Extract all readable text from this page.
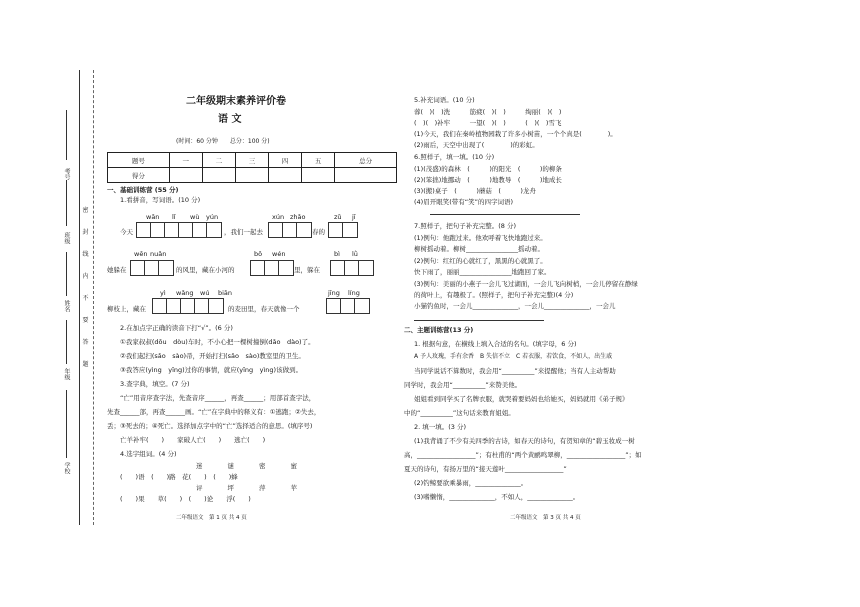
考号
班级
姓名
年级
学校
密封线内不要答题
二年级期末素养评价卷
语 文
(时间：60 分钟　　总分：100 分)
题号	一	二	三	四	五	总分
得分						
一、基础训练营 (55 分)
1.看拼音，写词语。(10 分)
wān lǐ wù yún	xún zhǎo	zǔ jī
今天	，我们一起去	春的
wēn nuǎn	bō wén	bì lǜ
她躲在	的风里，藏在小河的	里，躲在
yì wǎng wú biān	jīng líng
柳枝上，藏在	的麦田里，春天就像一个
2.在加点字正确的读音下打“√”。(6 分)
①我家叔叔(dōu　dòu)车时，不小心把一棵树撞倒(dǎo　dào)了。
②我们起扫(sǎo　sào)帚，开始打扫(sǎo　sào)教室里的卫生。
③我答应(yìng　yīng)过你的事情，就应(yīng　yìng)该做到。
3.查字典，填空。(7 分)
“亡”用音序查字法，先查音序______，再查______；用部首查字法，
先查______部，再查______画。“亡”在字典中的释义有：①逃跑；②失去，
丢；③死去的；④死亡。选择加点字中的“亡”选择适合的意思。(填序号)
亡羊补牢(　　)　　家破人亡(　　)　　逃亡(　　)
4.选字组词。(4 分)
迷　　谜　　密　　蜜
(　　)语　(　　)路　花(　　)　(　　)蜂
评　　坪　　萍　　苹
(　　)果　　草(　　)　(　　)论　　浮(　　)
二年级语文　第 1 页 共 4 页
5.补充词语。(10 分)
蓉(　)(　)洗　　　筋疲(　)(　)　　　绚丽(　)(　)
(　)(　)补牢　　　一望(　)(　)　　　(　)(　)雪飞
(1)今天，我们在秦岭植物园栽了许多小树苗，一个个真是(　　　　)。
(2)雨后，天空中出现了(　　　　)的彩虹。
6.照样子，填一填。(10 分)
(1)(茂盛)的森林　(　　　)的阳光　(　　　)的柳条
(2)(笨拙)地挪动　(　　　)地教导　(　　　)地成长
(3)(搬)桌子　(　　　)蘑菇　(　　　)龙舟
(4)眉开眼笑(带有“笑”的四字词语)
7.照样子，把句子补充完整。(8 分)
(1)例句：他跑过来。他欢呼着飞快地跑过来。
柳树摇动着。柳树________________摇动着。
(2)例句：红红的心就红了，黑黑的心就黑了。
快下雨了，丽丽________________地跑回了家。
(3)例句：美丽的小燕子一会儿飞过湖面，一会儿飞向树梢，一会儿停留在静绿
的荷叶上，有趣极了。(照样子，把句子补充完整)(4 分)
小猫钓鱼时，一会儿______________，一会儿______________，一会儿
二、主题训练营(13 分)
1. 根据句意，在横线上填入合适的名句。(填字母，6 分)
A 予人玫瑰，手有余香　B 失信不立　C 若衣服，若饮食，不如人，出生戚
当同学说话不算数时，我会用“__________”来提醒他；当有人主动帮助
同学时，我会用“__________”来赞美他。
姐姐看到同学买了名牌衣服，就哭着要妈妈也给她买，妈妈就用《弟子规》
中的“__________”这句话来教育姐姐。
2. 填一填。(3 分)
(1)我背诵了不少有关四季的古诗，如春天的诗句，有贺知章的“碧玉妆成一树
高，__________________”；有杜甫的“两个黄鹂鸣翠柳，__________________”；如
夏天的诗句，有扬万里的“接天莲叶__________________”
(2)钓鲸要欲乘暴雨，______________。
(3)嗜懒惰，______________，不如人，______________。
二年级语文　第 3 页 共 4 页
